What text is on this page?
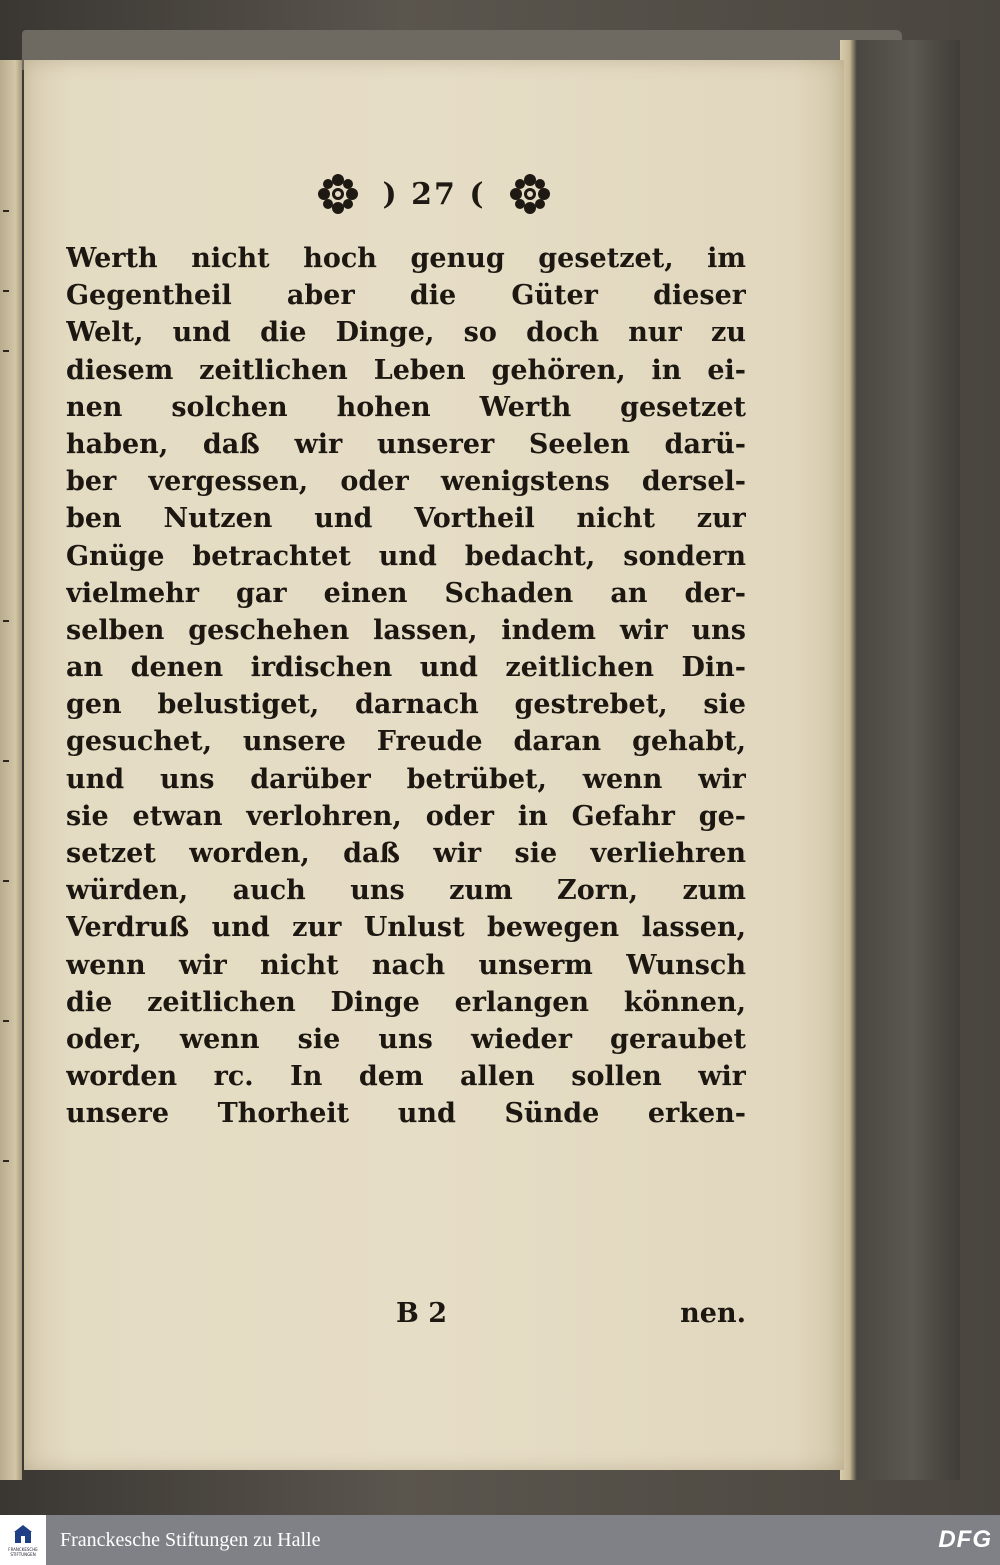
) 27 (
Werth nicht hoch genug gesetzet, im
Gegentheil aber die Güter dieser
Welt, und die Dinge, so doch nur zu
diesem zeitlichen Leben gehören, in ei-
nen solchen hohen Werth gesetzet
haben, daß wir unserer Seelen darü-
ber vergessen, oder wenigstens dersel-
ben Nutzen und Vortheil nicht zur
Gnüge betrachtet und bedacht, sondern
vielmehr gar einen Schaden an der-
selben geschehen lassen, indem wir uns
an denen irdischen und zeitlichen Din-
gen belustiget, darnach gestrebet, sie
gesuchet, unsere Freude daran gehabt,
und uns darüber betrübet, wenn wir
sie etwan verlohren, oder in Gefahr ge-
setzet worden, daß wir sie verliehren
würden, auch uns zum Zorn, zum
Verdruß und zur Unlust bewegen lassen,
wenn wir nicht nach unserm Wunsch
die zeitlichen Dinge erlangen können,
oder, wenn sie uns wieder geraubet
worden rc. In dem allen sollen wir
unsere Thorheit und Sünde erken-
B 2	nen.
FRANCKESCHE STIFTUNGEN
Franckesche Stiftungen zu Halle	DFG
